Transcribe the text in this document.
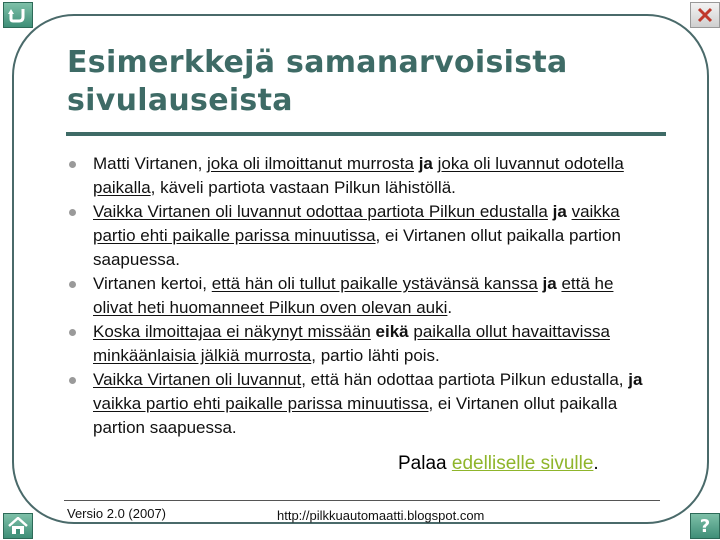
?
Esimerkkejä samanarvoisista sivulauseista
Matti Virtanen, joka oli ilmoittanut murrosta ja joka oli luvannut odotella paikalla, käveli partiota vastaan Pilkun lähistöllä.
Vaikka Virtanen oli luvannut odottaa partiota Pilkun edustalla ja vaikka partio ehti paikalle parissa minuutissa, ei Virtanen ollut paikalla partion saapuessa.
Virtanen kertoi, että hän oli tullut paikalle ystävänsä kanssa ja että he olivat heti huomanneet Pilkun oven olevan auki.
Koska ilmoittajaa ei näkynyt missään eikä paikalla ollut havaittavissa minkäänlaisia jälkiä murrosta, partio lähti pois.
Vaikka Virtanen oli luvannut, että hän odottaa partiota Pilkun edustalla, ja vaikka partio ehti paikalle parissa minuutissa, ei Virtanen ollut paikalla partion saapuessa.
Palaa edelliselle sivulle.
Versio 2.0 (2007)	http://pilkkuautomaatti.blogspot.com
